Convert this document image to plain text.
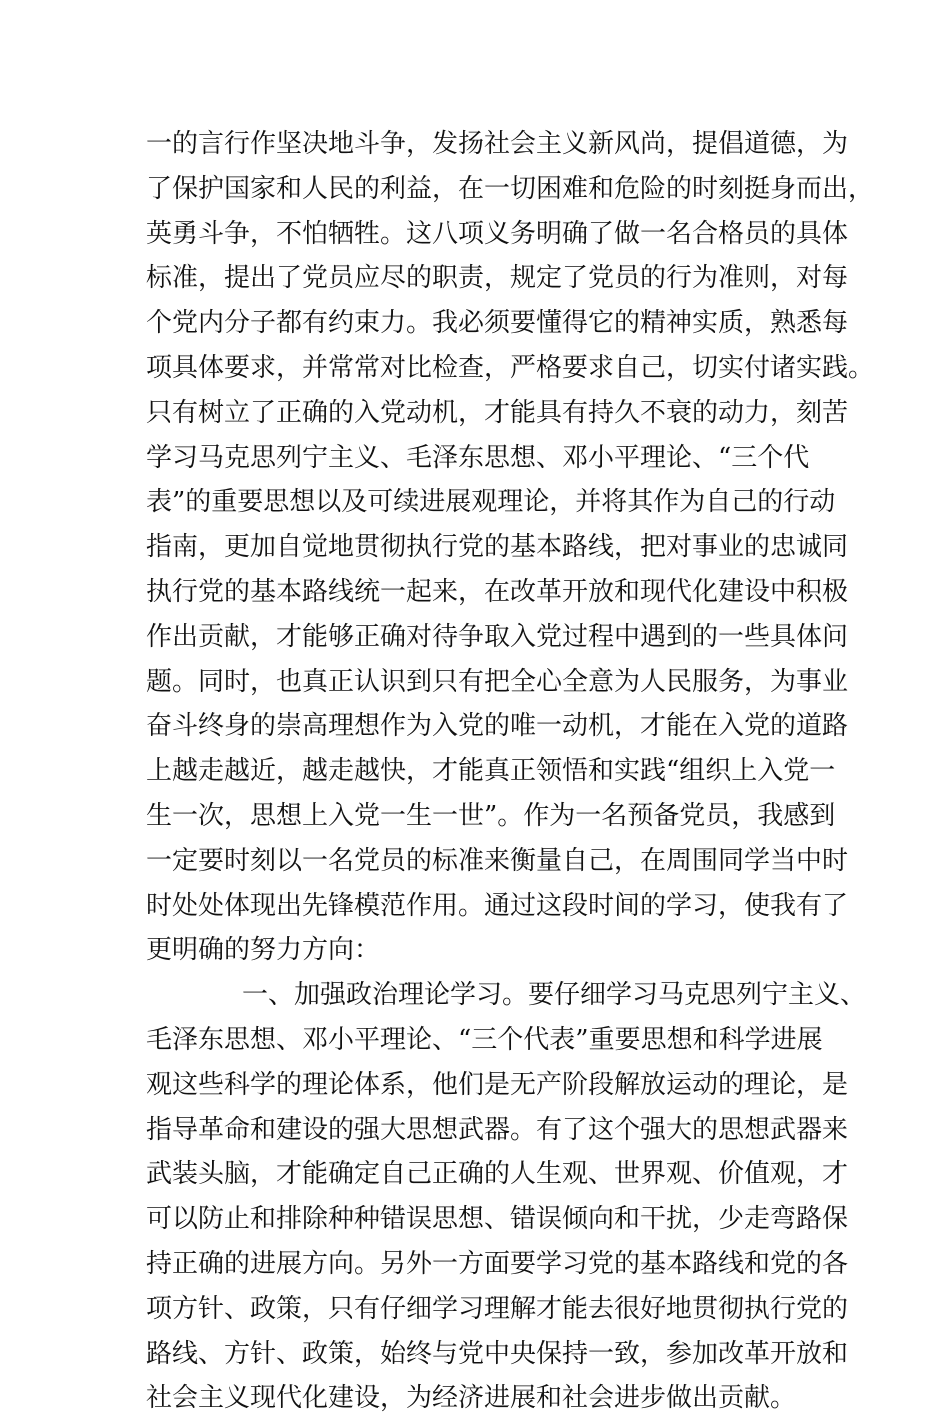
一的言行作坚决地斗争，发扬社会主义新风尚，提倡道德，为
了保护国家和人民的利益，在一切困难和危险的时刻挺身而出，
英勇斗争，不怕牺牲。这八项义务明确了做一名合格员的具体
标准，提出了党员应尽的职责，规定了党员的行为准则，对每
个党内分子都有约束力。我必须要懂得它的精神实质，熟悉每
项具体要求，并常常对比检查，严格要求自己，切实付诸实践。
只有树立了正确的入党动机，才能具有持久不衰的动力，刻苦
学习马克思列宁主义、毛泽东思想、邓小平理论、“三个代
表”的重要思想以及可续进展观理论，并将其作为自己的行动
指南，更加自觉地贯彻执行党的基本路线，把对事业的忠诚同
执行党的基本路线统一起来，在改革开放和现代化建设中积极
作出贡献，才能够正确对待争取入党过程中遇到的一些具体问
题。同时，也真正认识到只有把全心全意为人民服务，为事业
奋斗终身的崇高理想作为入党的唯一动机，才能在入党的道路
上越走越近，越走越快，才能真正领悟和实践“组织上入党一
生一次，思想上入党一生一世”。作为一名预备党员，我感到
一定要时刻以一名党员的标准来衡量自己，在周围同学当中时
时处处体现出先锋模范作用。通过这段时间的学习，使我有了
更明确的努力方向：
一、加强政治理论学习。要仔细学习马克思列宁主义、
毛泽东思想、邓小平理论、“三个代表”重要思想和科学进展
观这些科学的理论体系，他们是无产阶段解放运动的理论，是
指导革命和建设的强大思想武器。有了这个强大的思想武器来
武装头脑，才能确定自己正确的人生观、世界观、价值观，才
可以防止和排除种种错误思想、错误倾向和干扰，少走弯路保
持正确的进展方向。另外一方面要学习党的基本路线和党的各
项方针、政策，只有仔细学习理解才能去很好地贯彻执行党的
路线、方针、政策，始终与党中央保持一致，参加改革开放和
社会主义现代化建设，为经济进展和社会进步做出贡献。
